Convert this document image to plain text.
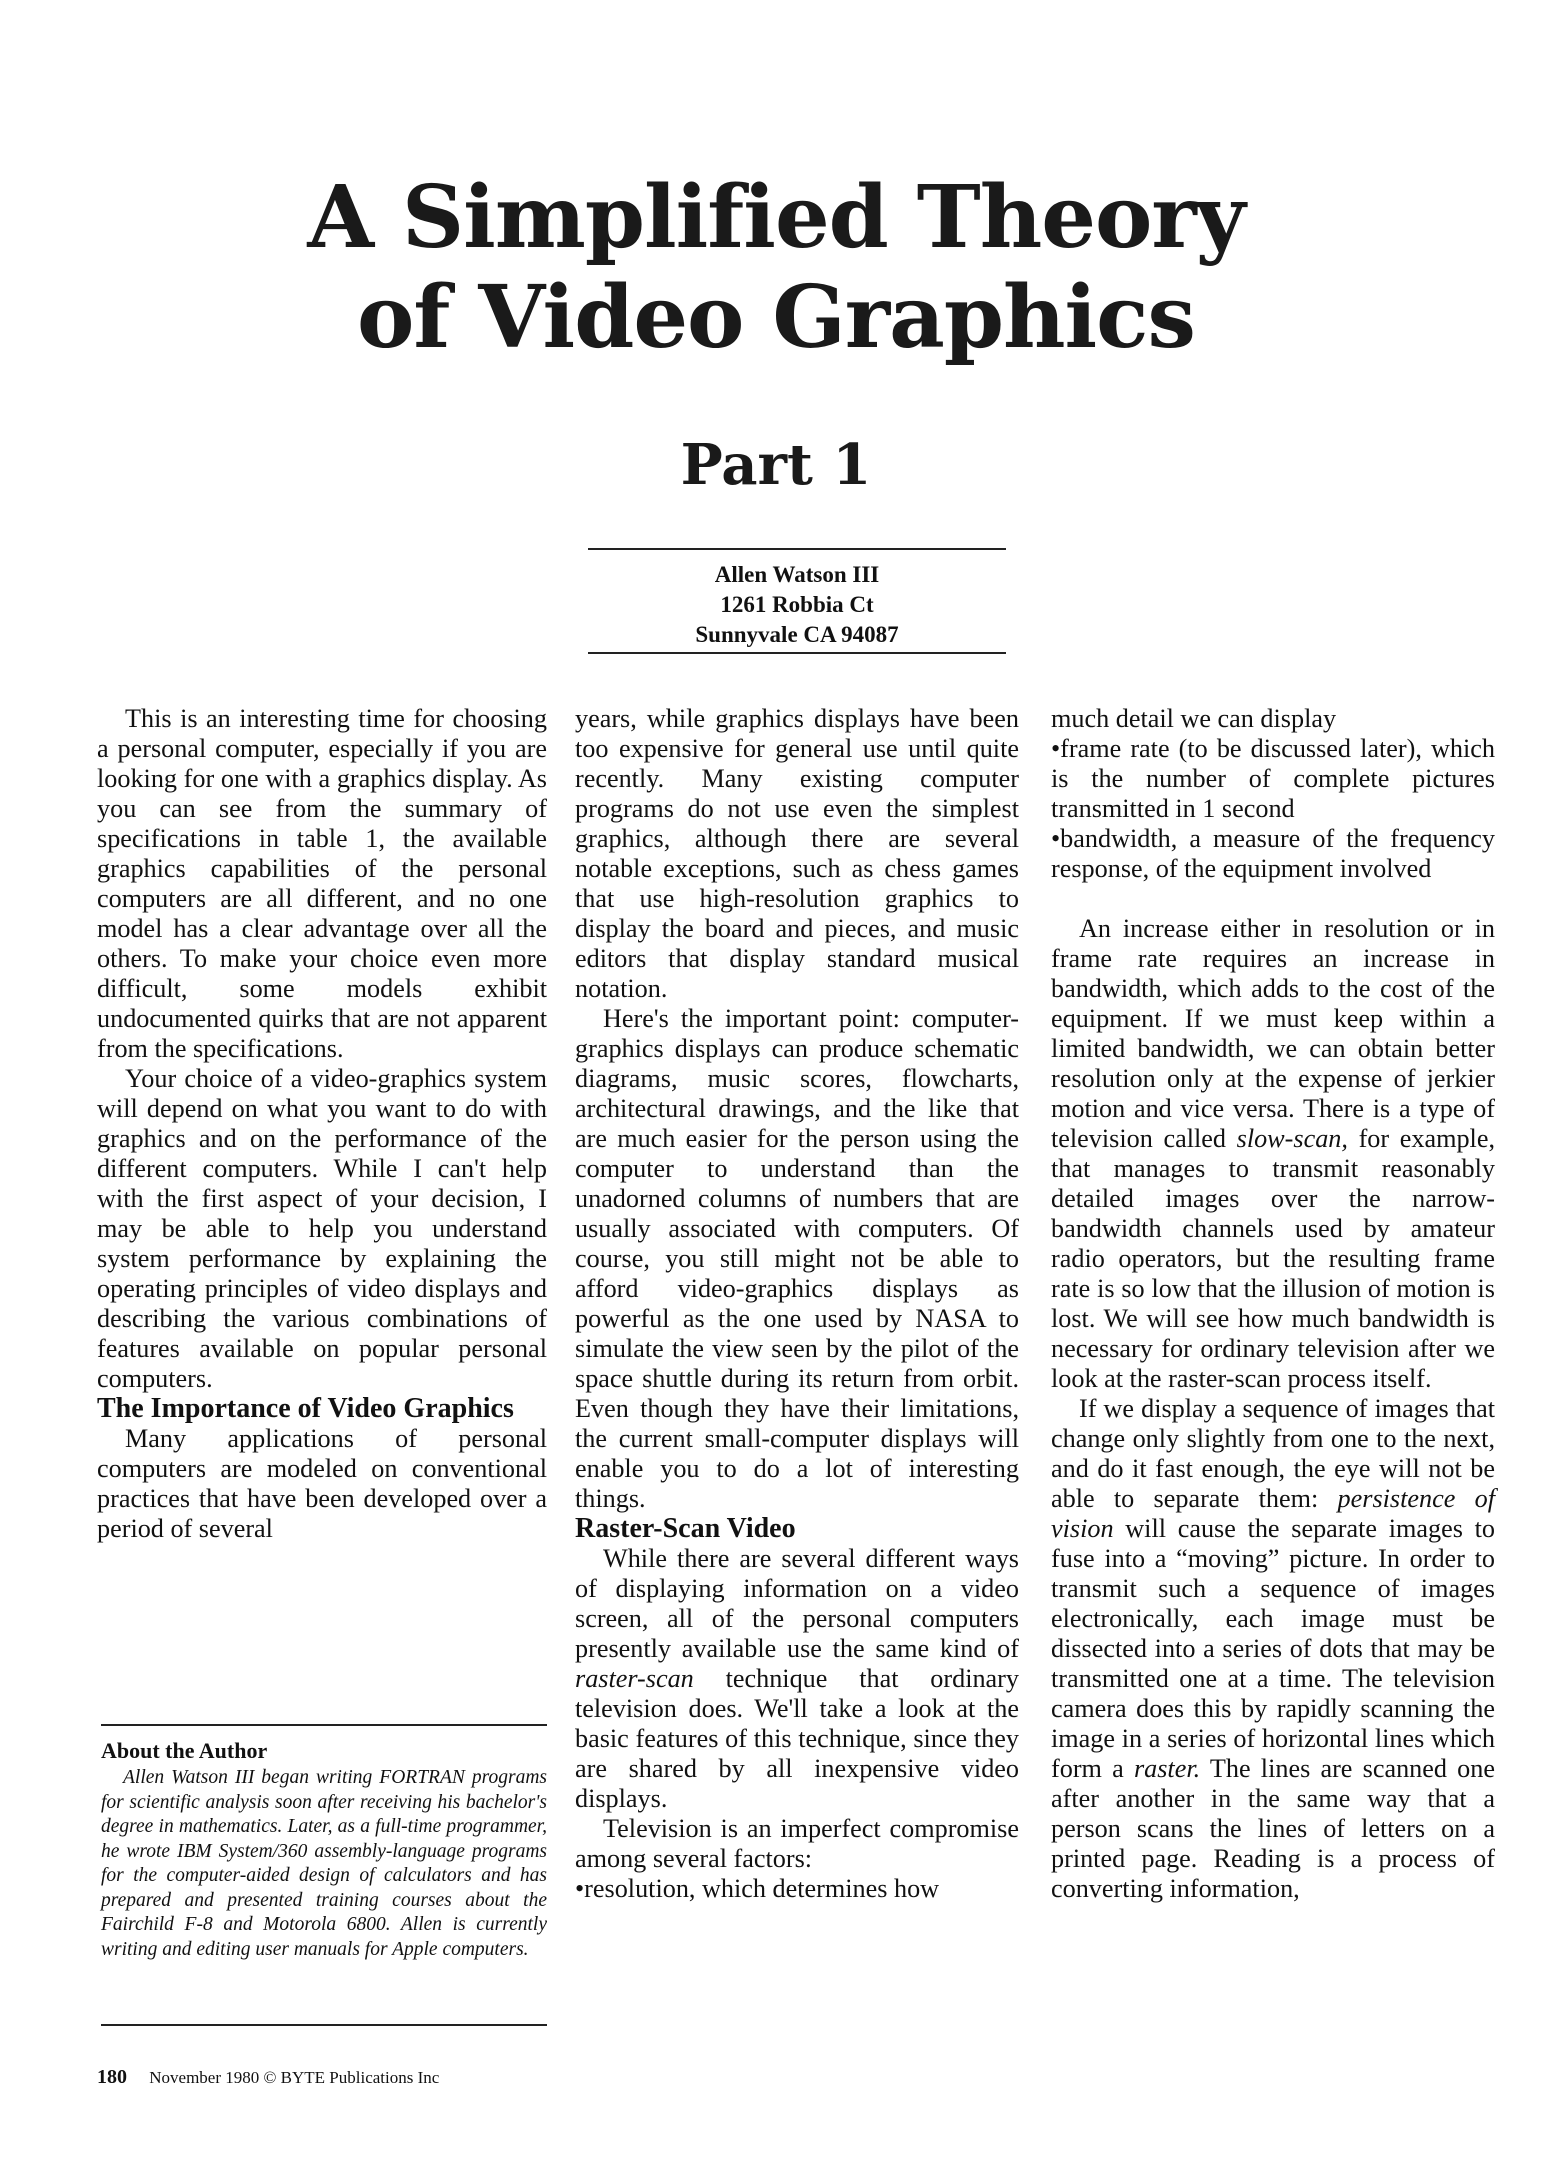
A Simplified Theory
of Video Graphics
Part 1
Allen Watson III
1261 Robbia Ct
Sunnyvale CA 94087

This is an interesting time for choosing a personal computer, especially if you are looking for one with a graphics display. As you can see from the summary of specifications in table 1, the available graphics capabilities of the personal computers are all different, and no one model has a clear advantage over all the others. To make your choice even more difficult, some models exhibit undocumented quirks that are not apparent from the specifications.

Your choice of a video-graphics system will depend on what you want to do with graphics and on the performance of the different computers. While I can't help with the first aspect of your decision, I may be able to help you understand system performance by explaining the operating principles of video displays and describing the various combinations of features available on popular personal computers.

The Importance of Video Graphics

Many applications of personal computers are modeled on conventional practices that have been developed over a period of several

About the Author

Allen Watson III began writing FORTRAN programs for scientific analysis soon after receiving his bachelor's degree in mathematics. Later, as a full-time programmer, he wrote IBM System/360 assembly-language programs for the computer-aided design of calculators and has prepared and presented training courses about the Fairchild F-8 and Motorola 6800. Allen is currently writing and editing user manuals for Apple computers.

years, while graphics displays have been too expensive for general use until quite recently. Many existing computer programs do not use even the simplest graphics, although there are several notable exceptions, such as chess games that use high-resolution graphics to display the board and pieces, and music editors that display standard musical notation.

Here's the important point: computer-graphics displays can produce schematic diagrams, music scores, flowcharts, architectural drawings, and the like that are much easier for the person using the computer to understand than the unadorned columns of numbers that are usually associated with computers. Of course, you still might not be able to afford video-graphics displays as powerful as the one used by NASA to simulate the view seen by the pilot of the space shuttle during its return from orbit. Even though they have their limitations, the current small-computer displays will enable you to do a lot of interesting things.

Raster-Scan Video

While there are several different ways of displaying information on a video screen, all of the personal computers presently available use the same kind of raster-scan technique that ordinary television does. We'll take a look at the basic features of this technique, since they are shared by all inexpensive video displays.

Television is an imperfect compromise among several factors:

• resolution, which determines how

much detail we can display

• frame rate (to be discussed later), which is the number of complete pictures transmitted in 1 second

• bandwidth, a measure of the frequency response, of the equipment involved

An increase either in resolution or in frame rate requires an increase in bandwidth, which adds to the cost of the equipment. If we must keep within a limited bandwidth, we can obtain better resolution only at the expense of jerkier motion and vice versa. There is a type of television called slow-scan, for example, that manages to transmit reasonably detailed images over the narrow-bandwidth channels used by amateur radio operators, but the resulting frame rate is so low that the illusion of motion is lost. We will see how much bandwidth is necessary for ordinary television after we look at the raster-scan process itself.

If we display a sequence of images that change only slightly from one to the next, and do it fast enough, the eye will not be able to separate them: persistence of vision will cause the separate images to fuse into a “moving” picture. In order to transmit such a sequence of images electronically, each image must be dissected into a series of dots that may be transmitted one at a time. The television camera does this by rapidly scanning the image in a series of horizontal lines which form a raster. The lines are scanned one after another in the same way that a person scans the lines of letters on a printed page. Reading is a process of converting information,

180 November 1980 © BYTE Publications Inc
